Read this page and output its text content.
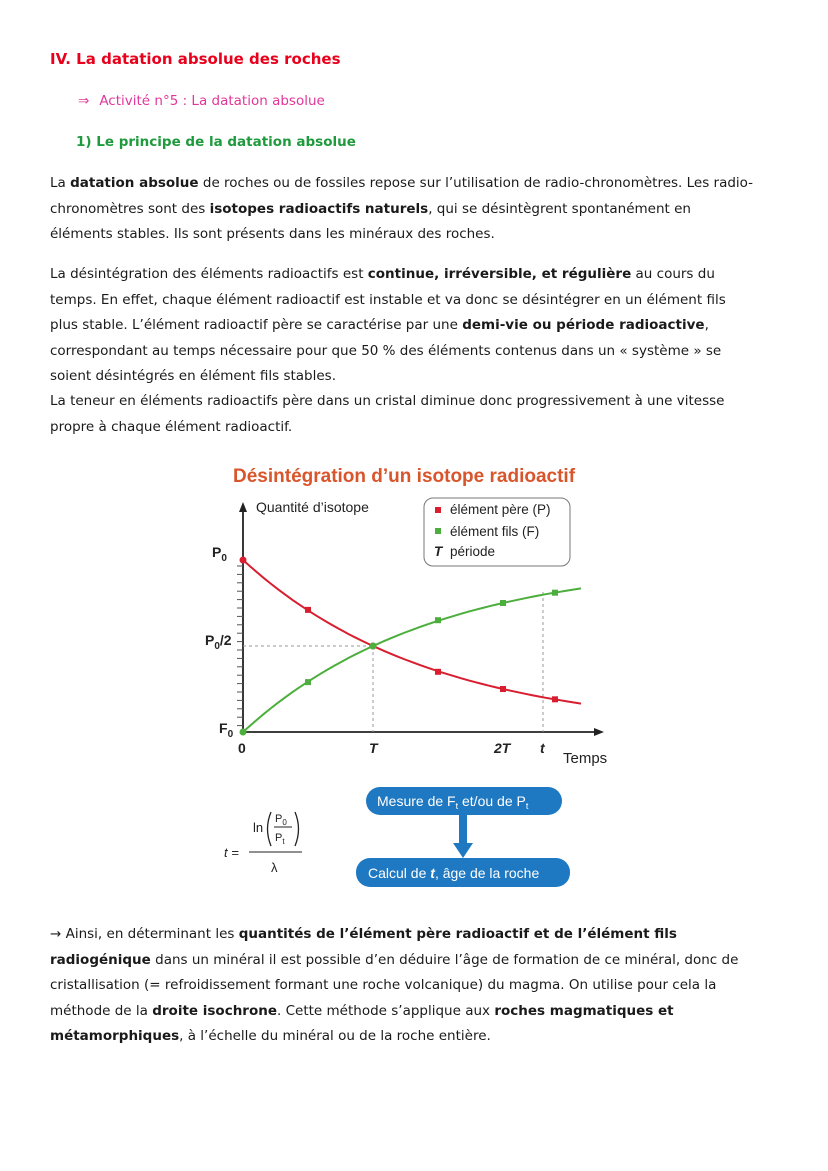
IV. La datation absolue des roches
⇒ Activité n°5 : La datation absolue
1) Le principe de la datation absolue
La datation absolue de roches ou de fossiles repose sur l’utilisation de radio-chronomètres. Les radio-
chronomètres sont des isotopes radioactifs naturels, qui se désintègrent spontanément en
éléments stables. Ils sont présents dans les minéraux des roches.
La désintégration des éléments radioactifs est continue, irréversible, et régulière au cours du
temps. En effet, chaque élément radioactif est instable et va donc se désintégrer en un élément fils
plus stable. L’élément radioactif père se caractérise par une demi-vie ou période radioactive,
correspondant au temps nécessaire pour que 50 % des éléments contenus dans un « système » se
soient désintégrés en élément fils stables.
La teneur en éléments radioactifs père dans un cristal diminue donc progressivement à une vitesse
propre à chaque élément radioactif.
Désintégration d’un isotope radioactif
Quantité d’isotope
Temps
$P_0$
$P_0/2$
$F_0$
0	T	2T t
élément père (P)
élément fils (F)
T période
Mesure de $F_t$ et/ou de $P_t$
Calcul de t, âge de la roche
t =
ln
$P_0$
$P_t$
λ
→ Ainsi, en déterminant les quantités de l’élément père radioactif et de l’élément fils
radiogénique dans un minéral il est possible d’en déduire l’âge de formation de ce minéral, donc de
cristallisation (= refroidissement formant une roche volcanique) du magma. On utilise pour cela la
méthode de la droite isochrone. Cette méthode s’applique aux roches magmatiques et
métamorphiques, à l’échelle du minéral ou de la roche entière.
